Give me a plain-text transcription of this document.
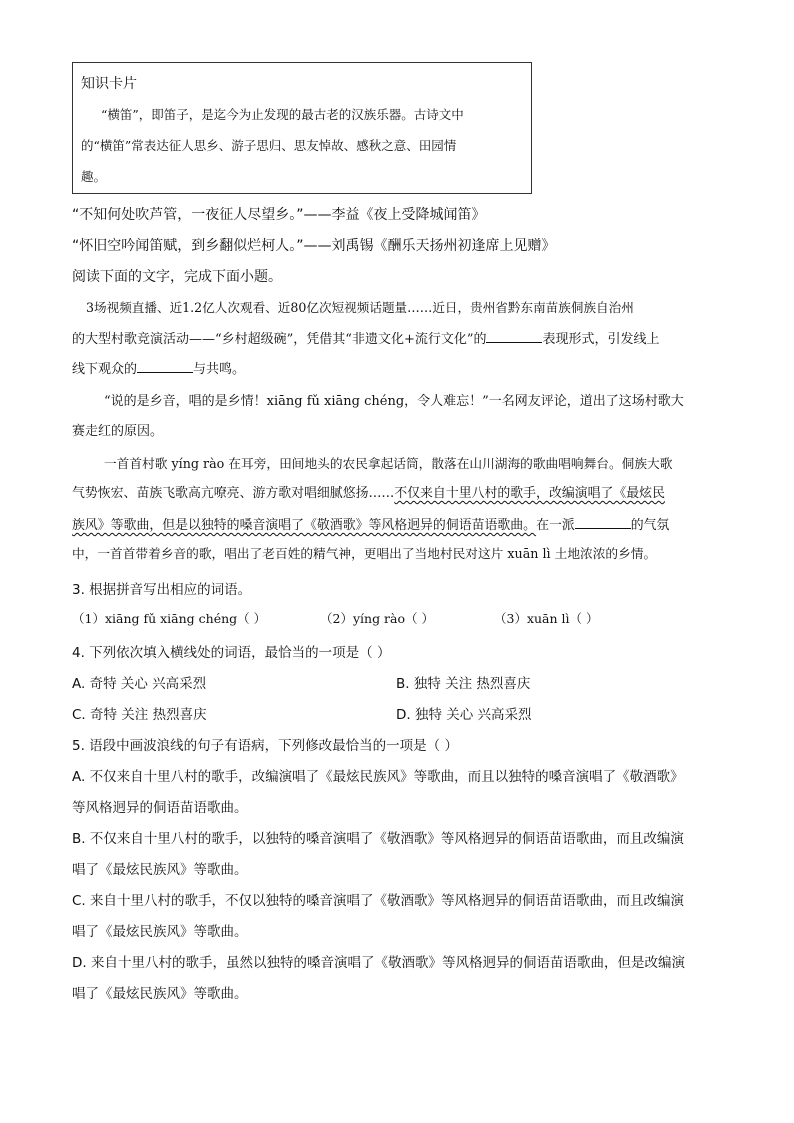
知识卡片
“横笛”，即笛子，是迄今为止发现的最古老的汉族乐器。古诗文中
的“横笛”常表达征人思乡、游子思归、思友悼故、感秋之意、田园情
趣。
“不知何处吹芦管，一夜征人尽望乡。”——李益《夜上受降城闻笛》
“怀旧空吟闻笛赋，到乡翻似烂柯人。”——刘禹锡《酬乐天扬州初逢席上见赠》
阅读下面的文字，完成下面小题。
3场视频直播、近1.2亿人次观看、近80亿次短视频话题量……近日，贵州省黔东南苗族侗族自治州
的大型村歌竞演活动——“乡村超级碗”，凭借其“非遗文化+流行文化”的	表现形式，引发线上
线下观众的	与共鸣。
“说的是乡音，唱的是乡情！xiāng fǔ xiāng chéng，令人难忘！”一名网友评论，道出了这场村歌大
赛走红的原因。
一首首村歌 yíng rào 在耳旁，田间地头的农民拿起话筒，散落在山川湖海的歌曲唱响舞台。侗族大歌
气势恢宏、苗族飞歌高亢嘹亮、游方歌对唱细腻悠扬……不仅来自十里八村的歌手，改编演唱了《最炫民
族风》等歌曲，但是以独特的嗓音演唱了《敬酒歌》等风格迥异的侗语苗语歌曲。在一派	的气氛
中，一首首带着乡音的歌，唱出了老百姓的精气神，更唱出了当地村民对这片 xuān lì 土地浓浓的乡情。
3. 根据拼音写出相应的词语。
（1）xiāng fǔ xiāng chéng（ ）	（2）yíng rào（ ）	（3）xuān lì（ ）
4. 下列依次填入横线处的词语，最恰当的一项是（ ）
A. 奇特 关心 兴高采烈	B. 独特 关注 热烈喜庆
C. 奇特 关注 热烈喜庆	D. 独特 关心 兴高采烈
5. 语段中画波浪线的句子有语病，下列修改最恰当的一项是（ ）
A. 不仅来自十里八村的歌手，改编演唱了《最炫民族风》等歌曲，而且以独特的嗓音演唱了《敬酒歌》
等风格迥异的侗语苗语歌曲。
B. 不仅来自十里八村的歌手，以独特的嗓音演唱了《敬酒歌》等风格迥异的侗语苗语歌曲，而且改编演
唱了《最炫民族风》等歌曲。
C. 来自十里八村的歌手，不仅以独特的嗓音演唱了《敬酒歌》等风格迥异的侗语苗语歌曲，而且改编演
唱了《最炫民族风》等歌曲。
D. 来自十里八村的歌手，虽然以独特的嗓音演唱了《敬酒歌》等风格迥异的侗语苗语歌曲，但是改编演
唱了《最炫民族风》等歌曲。
